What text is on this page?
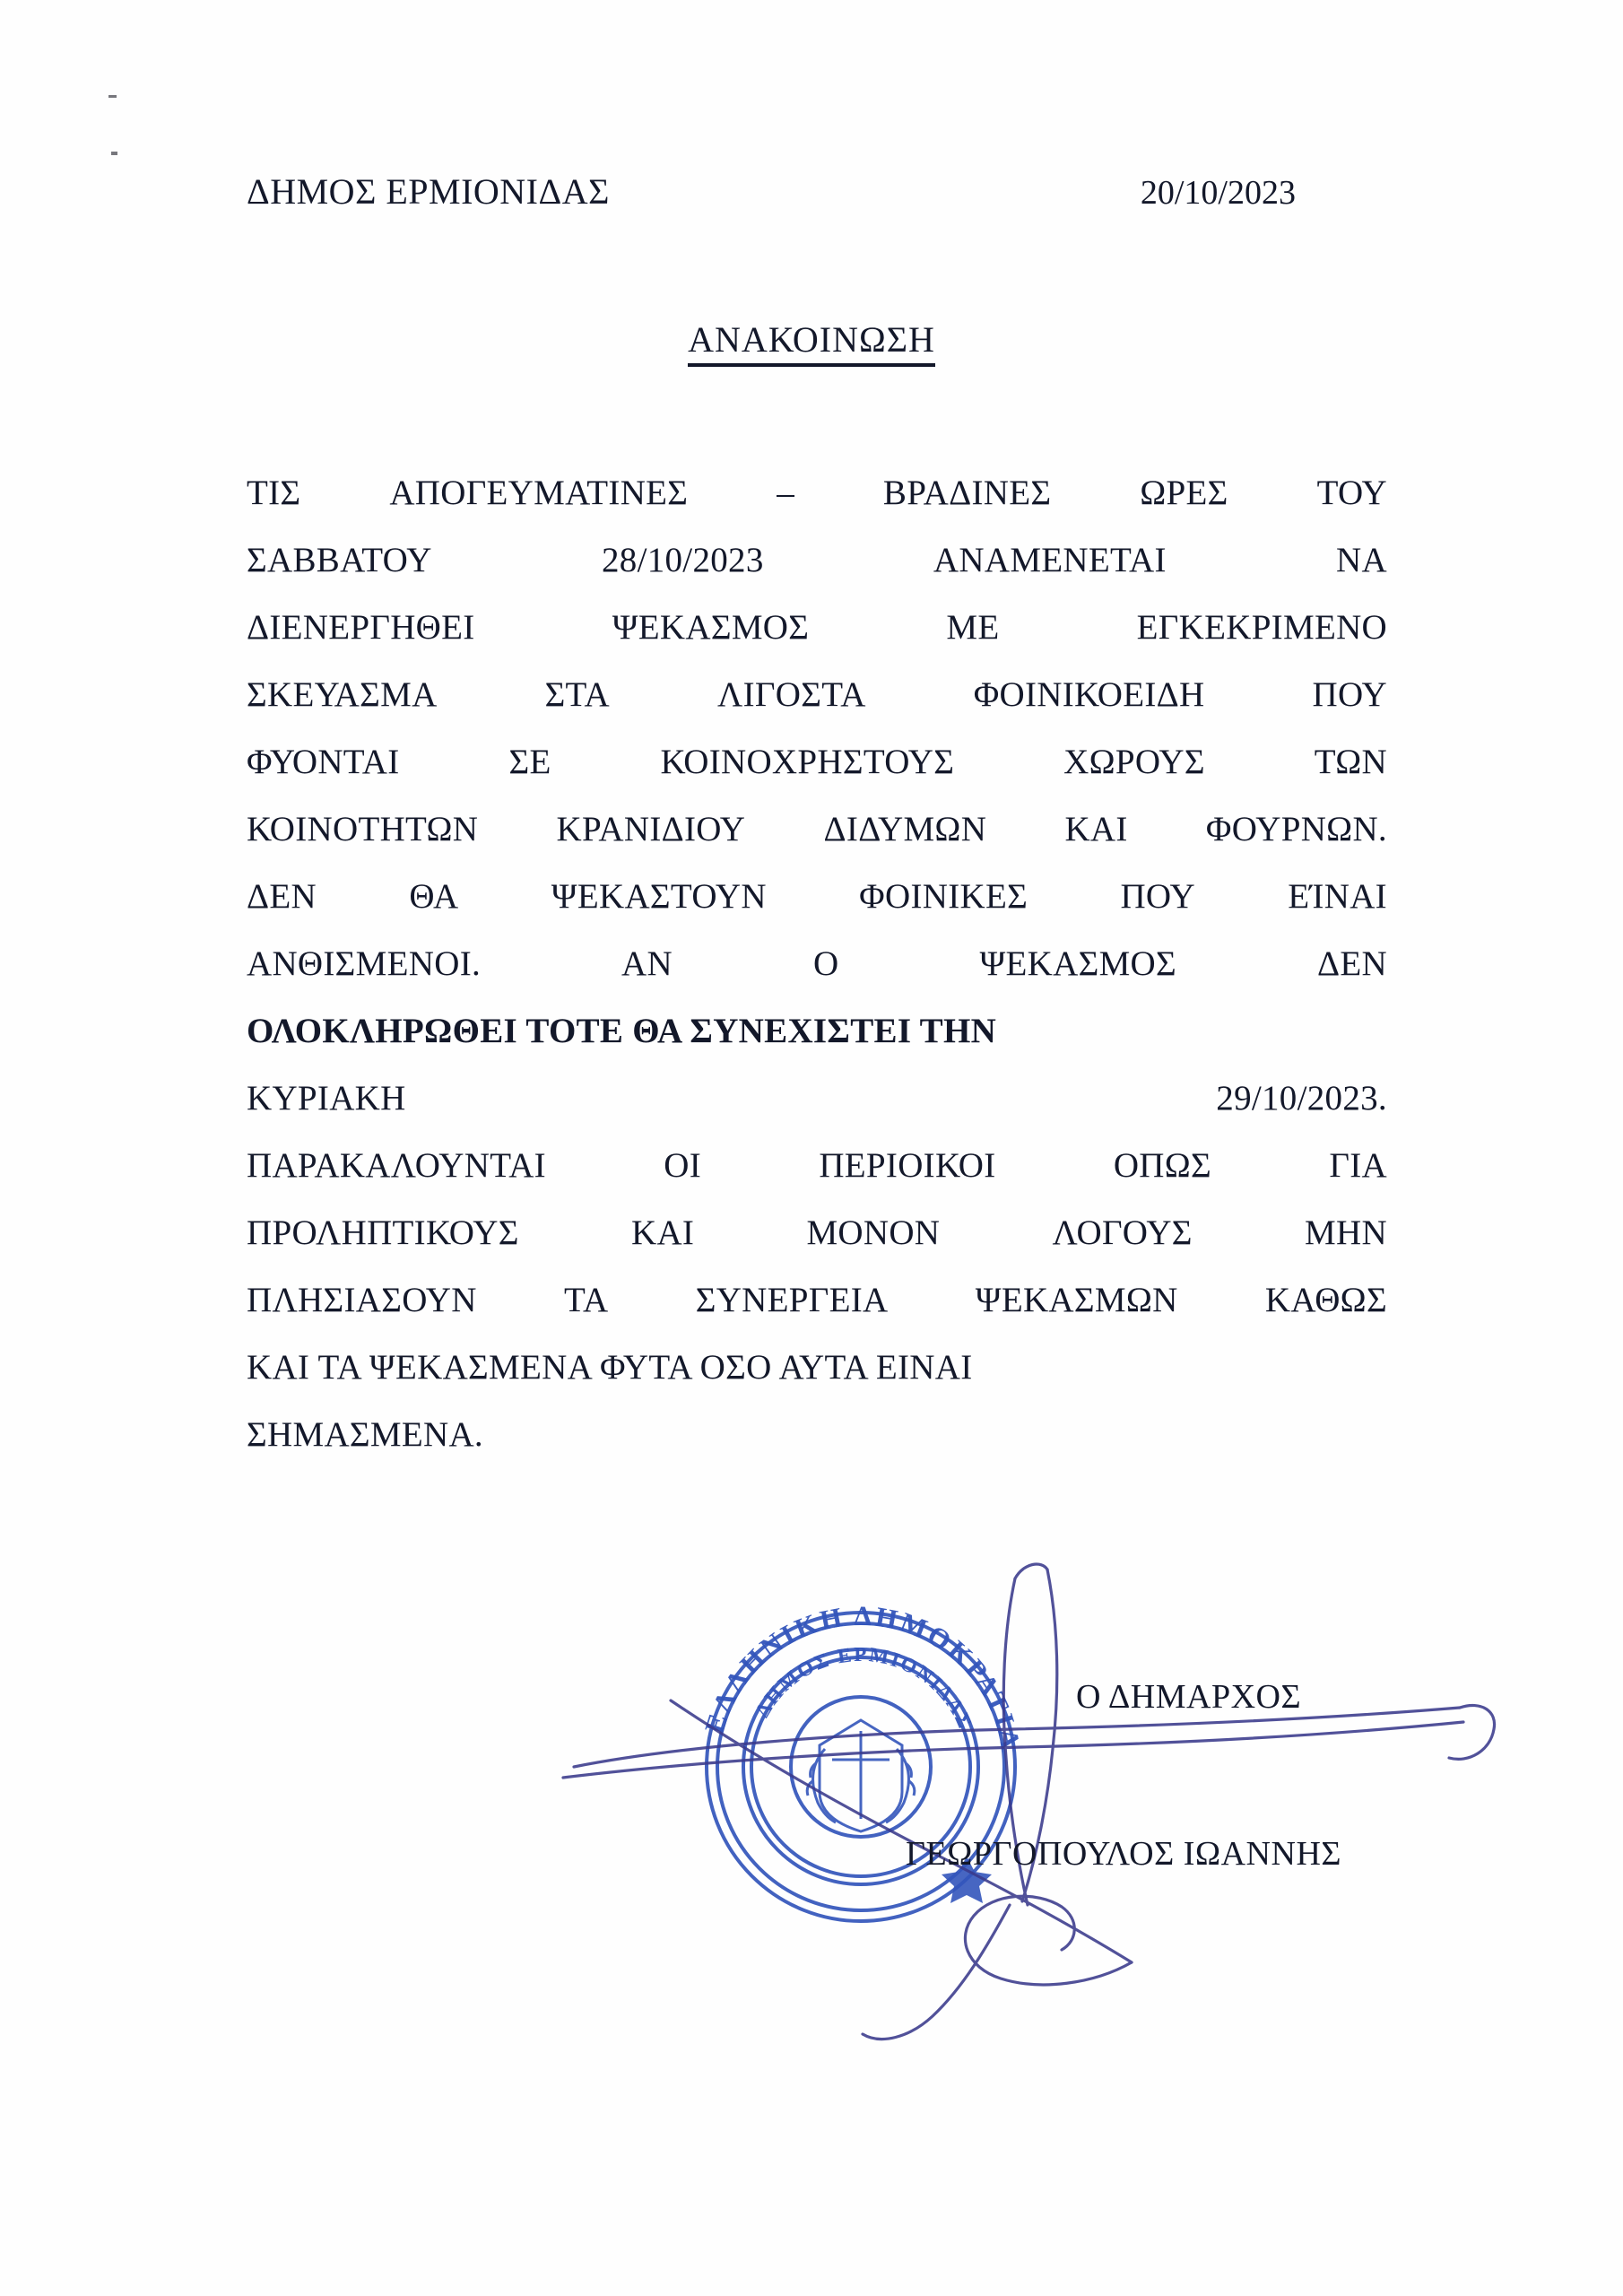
ΔΗΜΟΣ ΕΡΜΙΟΝΙΔΑΣ	20/10/2023
ΑΝΑΚΟΙΝΩΣΗ
ΤΙΣ	ΑΠΟΓΕΥΜΑΤΙΝΕΣ	–	ΒΡΑΔΙΝΕΣ	ΩΡΕΣ	ΤΟΥ
ΣΑΒΒΑΤΟΥ	28/10/2023	ΑΝΑΜΕΝΕΤΑΙ	ΝΑ
ΔΙΕΝΕΡΓΗΘΕΙ	ΨΕΚΑΣΜΟΣ	ΜΕ	ΕΓΚΕΚΡΙΜΕΝΟ
ΣΚΕΥΑΣΜΑ	ΣΤΑ	ΛΙΓΟΣΤΑ	ΦΟΙΝΙΚΟΕΙΔΗ	ΠΟΥ
ΦΥΟΝΤΑΙ	ΣΕ	ΚΟΙΝΟΧΡΗΣΤΟΥΣ	ΧΩΡΟΥΣ	ΤΩΝ
ΚΟΙΝΟΤΗΤΩΝ ΚΡΑΝΙΔΙΟΥ ΔΙΔΥΜΩΝ ΚΑΙ ΦΟΥΡΝΩΝ.
ΔΕΝ	ΘΑ	ΨΕΚΑΣΤΟΥΝ	ΦΟΙΝΙΚΕΣ	ΠΟΥ	ΕΊΝΑΙ
ΑΝΘΙΣΜΕΝΟΙ.	ΑΝ	Ο	ΨΕΚΑΣΜΟΣ	ΔΕΝ
ΟΛΟΚΛΗΡΩΘΕΙ ΤΟΤΕ ΘΑ ΣΥΝΕΧΙΣΤΕΙ ΤΗΝ
ΚΥΡΙΑΚΗ	29/10/2023.
ΠΑΡΑΚΑΛΟΥΝΤΑΙ	ΟΙ	ΠΕΡΙΟΙΚΟΙ	ΟΠΩΣ	ΓΙΑ
ΠΡΟΛΗΠΤΙΚΟΥΣ	ΚΑΙ	ΜΟΝΟΝ	ΛΟΓΟΥΣ	ΜΗΝ
ΠΛΗΣΙΑΣΟΥΝ ΤΑ ΣΥΝΕΡΓΕΙΑ ΨΕΚΑΣΜΩΝ ΚΑΘΩΣ
ΚΑΙ ΤΑ ΨΕΚΑΣΜΕΝΑ ΦΥΤΑ ΟΣΟ ΑΥΤΑ ΕΙΝΑΙ
ΣΗΜΑΣΜΕΝΑ.
ΕΛΛΗΝΙΚΗ ΔΗΜΟΚΡΑΤΙΑ
ΔΗΜΟΣ ΕΡΜΙΟΝΙΔΑΣ
Ο ΔΗΜΑΡΧΟΣ
ΓΕΩΡΓΟΠΟΥΛΟΣ ΙΩΑΝΝΗΣ
